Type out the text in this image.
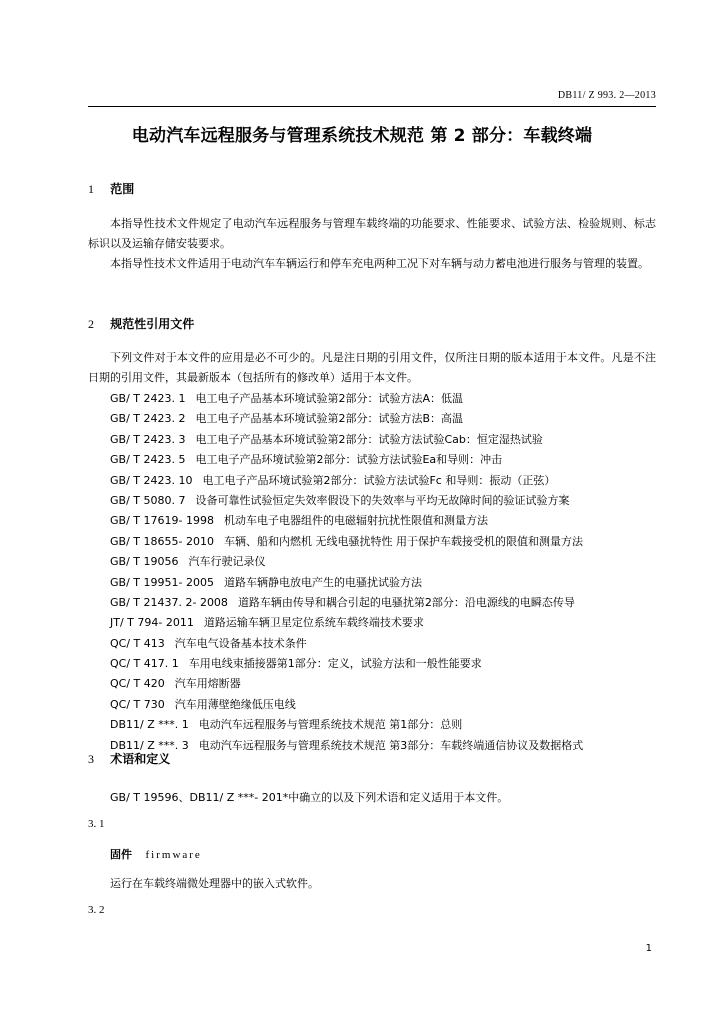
DB11/ Z 993. 2—2013
电动汽车远程服务与管理系统技术规范 第 2 部分：车载终端
1 范围
本指导性技术文件规定了电动汽车远程服务与管理车载终端的功能要求、性能要求、试验方法、检验规则、标志标识以及运输存储安装要求。
本指导性技术文件适用于电动汽车车辆运行和停车充电两种工况下对车辆与动力蓄电池进行服务与管理的装置。
2 规范性引用文件
下列文件对于本文件的应用是必不可少的。凡是注日期的引用文件，仅所注日期的版本适用于本文件。凡是不注日期的引用文件，其最新版本（包括所有的修改单）适用于本文件。
GB/ T 2423. 1 电工电子产品基本环境试验第2部分：试验方法A：低温
GB/ T 2423. 2 电工电子产品基本环境试验第2部分：试验方法B：高温
GB/ T 2423. 3 电工电子产品基本环境试验第2部分：试验方法试验Cab：恒定湿热试验
GB/ T 2423. 5 电工电子产品环境试验第2部分：试验方法试验Ea和导则：冲击
GB/ T 2423. 10 电工电子产品环境试验第2部分：试验方法试验Fc 和导则：振动（正弦）
GB/ T 5080. 7 设备可靠性试验恒定失效率假设下的失效率与平均无故障时间的验证试验方案
GB/ T 17619- 1998 机动车电子电器组件的电磁辐射抗扰性限值和测量方法
GB/ T 18655- 2010 车辆、船和内燃机 无线电骚扰特性 用于保护车载接受机的限值和测量方法
GB/ T 19056 汽车行驶记录仪
GB/ T 19951- 2005 道路车辆静电放电产生的电骚扰试验方法
GB/ T 21437. 2- 2008 道路车辆由传导和耦合引起的电骚扰第2部分：沿电源线的电瞬态传导
JT/ T 794- 2011 道路运输车辆卫星定位系统车载终端技术要求
QC/ T 413 汽车电气设备基本技术条件
QC/ T 417. 1 车用电线束插接器第1部分：定义，试验方法和一般性能要求
QC/ T 420 汽车用熔断器
QC/ T 730 汽车用薄壁绝缘低压电线
DB11/ Z ***. 1 电动汽车远程服务与管理系统技术规范 第1部分：总则
DB11/ Z ***. 3 电动汽车远程服务与管理系统技术规范 第3部分：车载终端通信协议及数据格式
3 术语和定义
GB/ T 19596、DB11/ Z ***- 201*中确立的以及下列术语和定义适用于本文件。
3. 1
固件 firmware
运行在车载终端微处理器中的嵌入式软件。
3. 2
1
